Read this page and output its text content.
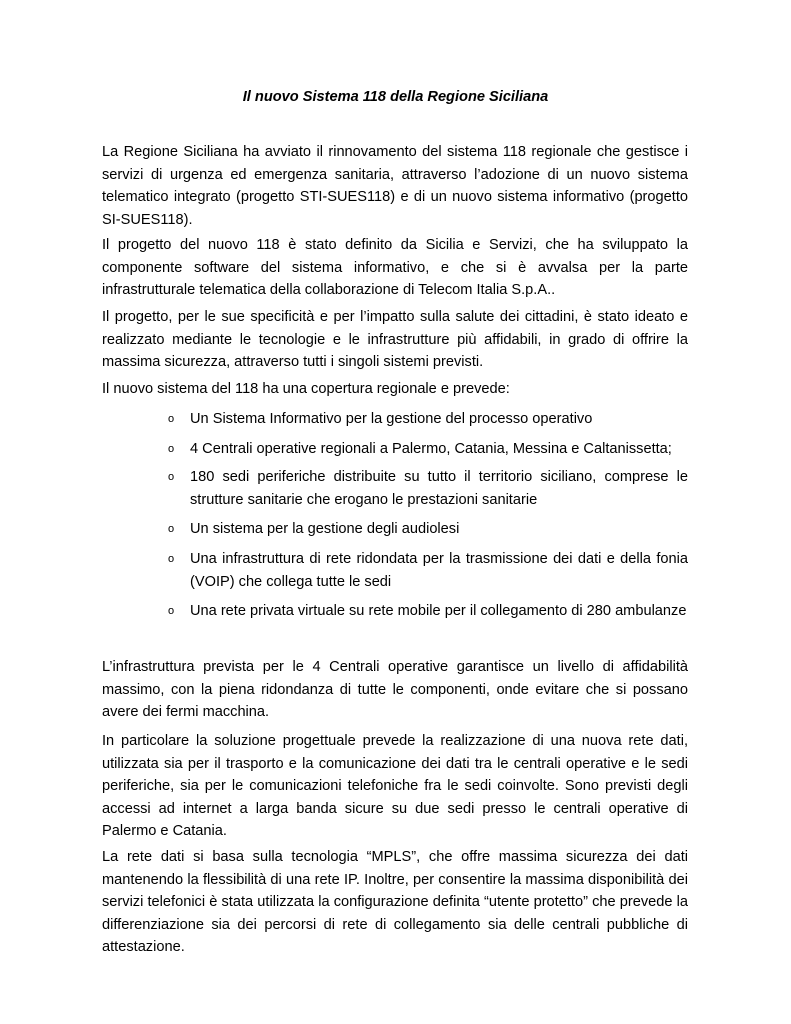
Il nuovo Sistema 118 della Regione Siciliana

La Regione Siciliana ha avviato il rinnovamento del sistema 118 regionale che gestisce i servizi di urgenza ed emergenza sanitaria, attraverso l’adozione di un nuovo sistema telematico integrato (progetto STI-SUES118) e di un nuovo sistema informativo (progetto SI-SUES118).

Il progetto del nuovo 118 è stato definito da Sicilia e Servizi, che ha sviluppato la componente software del sistema informativo, e che si è avvalsa per la parte infrastrutturale telematica della collaborazione di Telecom Italia S.p.A..

Il progetto, per le sue specificità e per l’impatto sulla salute dei cittadini, è stato ideato e realizzato mediante le tecnologie e le infrastrutture più affidabili, in grado di offrire la massima sicurezza, attraverso tutti i singoli sistemi previsti.

Il nuovo sistema del 118 ha una copertura regionale e prevede:

o Un Sistema Informativo per la gestione del processo operativo
o 4 Centrali operative regionali a Palermo, Catania, Messina e Caltanissetta;
o 180 sedi periferiche distribuite su tutto il territorio siciliano, comprese le strutture sanitarie che erogano le prestazioni sanitarie
o Un sistema per la gestione degli audiolesi
o Una infrastruttura di rete ridondata per la trasmissione dei dati e della fonia (VOIP) che collega tutte le sedi
o Una rete privata virtuale su rete mobile per il collegamento di 280 ambulanze

L’infrastruttura prevista per le 4 Centrali operative garantisce un livello di affidabilità massimo, con la piena ridondanza di tutte le componenti, onde evitare che si possano avere dei fermi macchina.

In particolare la soluzione progettuale prevede la realizzazione di una nuova rete dati, utilizzata sia per il trasporto e la comunicazione dei dati tra le centrali operative e le sedi periferiche, sia per le comunicazioni telefoniche fra le sedi coinvolte. Sono previsti degli accessi ad internet a larga banda sicure su due sedi presso le centrali operative di Palermo e Catania.

La rete dati si basa sulla tecnologia “MPLS”, che offre massima sicurezza dei dati mantenendo la flessibilità di una rete IP. Inoltre, per consentire la massima disponibilità dei servizi telefonici è stata utilizzata la configurazione definita “utente protetto” che prevede la differenziazione sia dei percorsi di rete di collegamento sia delle centrali pubbliche di attestazione.
